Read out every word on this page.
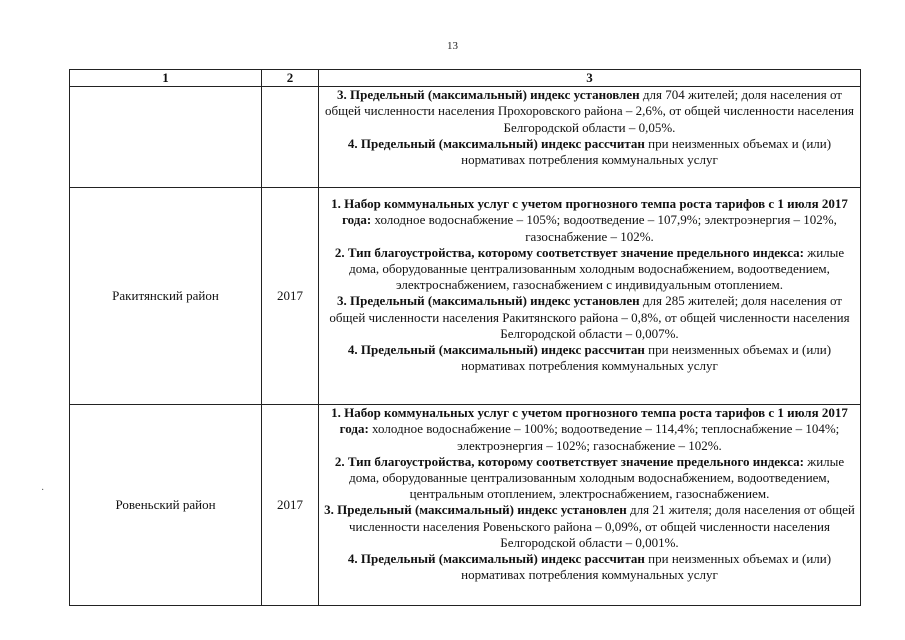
13
·
1	2	3

		3. Предельный (максимальный) индекс установлен для 704 жителей; доля населения от общей численности населения Прохоровского района – 2,6%, от общей численности населения Белгородской области – 0,05%.

4. Предельный (максимальный) индекс рассчитан при неизменных объемах и (или) нормативах потребления коммунальных услуг

Ракитянский район	2017	1. Набор коммунальных услуг с учетом прогнозного темпа роста тарифов с 1 июля 2017 года: холодное водоснабжение – 105%; водоотведение – 107,9%; электроэнергия – 102%, газоснабжение – 102%.

2. Тип благоустройства, которому соответствует значение предельного индекса: жилые дома, оборудованные централизованным холодным водоснабжением, водоотведением, электроснабжением, газоснабжением с индивидуальным отоплением.

3. Предельный (максимальный) индекс установлен для 285 жителей; доля населения от общей численности населения Ракитянского района – 0,8%, от общей численности населения Белгородской области – 0,007%.

4. Предельный (максимальный) индекс рассчитан при неизменных объемах и (или) нормативах потребления коммунальных услуг

Ровеньский район	2017	1. Набор коммунальных услуг с учетом прогнозного темпа роста тарифов с 1 июля 2017 года: холодное водоснабжение – 100%; водоотведение – 114,4%; теплоснабжение – 104%; электроэнергия – 102%; газоснабжение – 102%.

2. Тип благоустройства, которому соответствует значение предельного индекса: жилые дома, оборудованные централизованным холодным водоснабжением, водоотведением, центральным отоплением, электроснабжением, газоснабжением.

3. Предельный (максимальный) индекс установлен для 21 жителя; доля населения от общей численности населения Ровеньского района – 0,09%, от общей численности населения Белгородской области – 0,001%.

4. Предельный (максимальный) индекс рассчитан при неизменных объемах и (или) нормативах потребления коммунальных услуг
